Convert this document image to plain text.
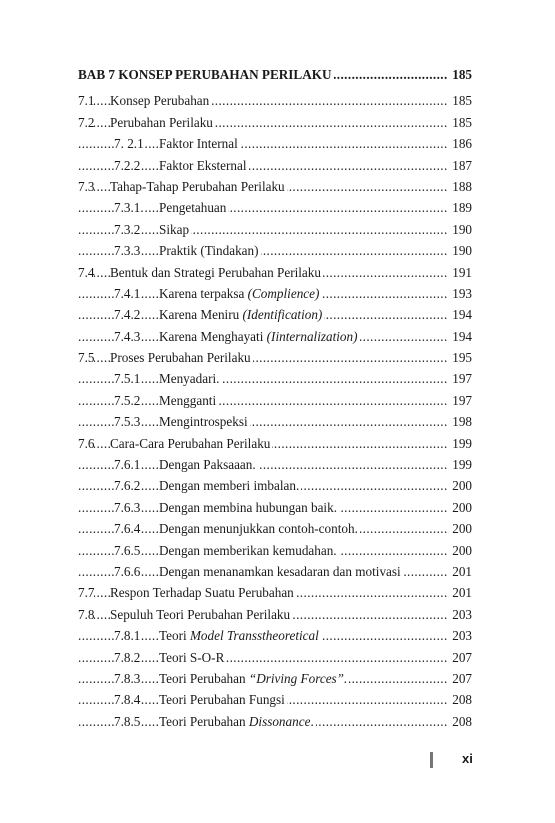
.....
BAB 7 KONSEP PERUBAHAN PERILAKU	185
.....
7.1 Konsep Perubahan	185
.....
7.2 Perubahan Perilaku	185
.....
7. 2.1 Faktor Internal	186
.....
7.2.2 Faktor Eksternal	187
.....
7.3 Tahap-Tahap Perubahan Perilaku	188
.....
7.3.1. Pengetahuan	189
.....
7.3.2 Sikap	190
.....
7.3.3 Praktik (Tindakan)	190
.....
7.4 Bentuk dan Strategi Perubahan Perilaku	191
.....
7.4.1 Karena terpaksa (Complience)	193
.....
7.4.2 Karena Meniru (Identification)	194
.....
7.4.3 Karena Menghayati (Iinternalization)	194
.....
7.5 Proses Perubahan Perilaku	195
.....
7.5.1 Menyadari.	197
.....
7.5.2 Mengganti	197
.....
7.5.3 Mengintrospeksi	198
.....
7.6 Cara-Cara Perubahan Perilaku	199
.....
7.6.1 Dengan Paksaaan.	199
.....
7.6.2 Dengan memberi imbalan.	200
.....
7.6.3 Dengan membina hubungan baik.	200
.....
7.6.4 Dengan menunjukkan contoh-contoh.	200
.....
7.6.5 Dengan memberikan kemudahan.	200
.....
7.6.6 Dengan menanamkan kesadaran dan motivasi	201
.....
7.7 Respon Terhadap Suatu Perubahan	201
.....
7.8 Sepuluh Teori Perubahan Perilaku	203
.....
7.8.1 Teori Model Transstheoretical	203
.....
7.8.2 Teori S-O-R	207
.....
7.8.3 Teori Perubahan “Driving Forces”.	207
.....
7.8.4 Teori Perubahan Fungsi	208
.....
7.8.5 Teori Perubahan Dissonance.	208
xi
